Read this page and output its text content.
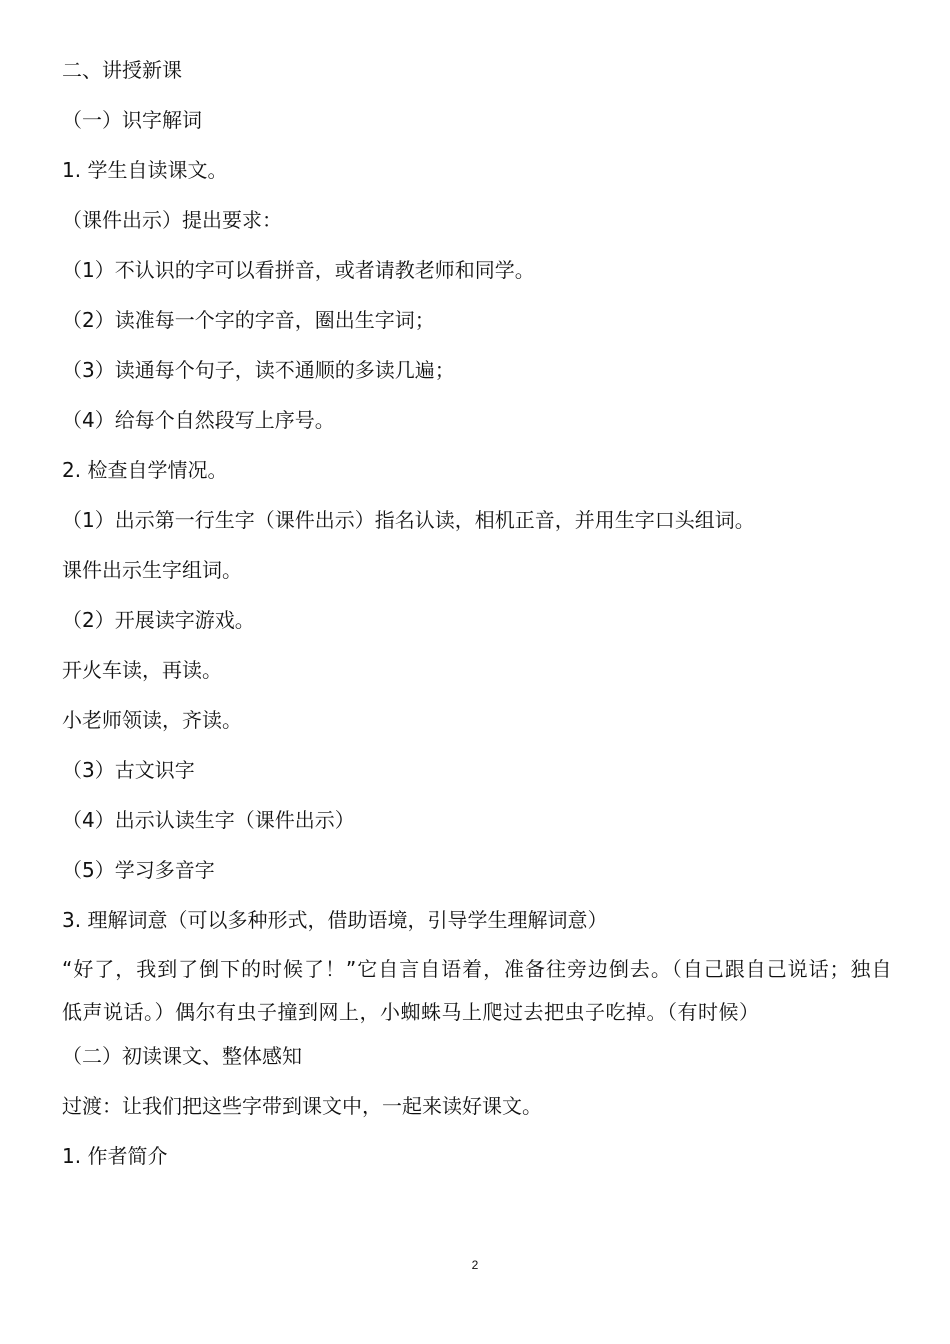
二、讲授新课
（一）识字解词
1. 学生自读课文。
（课件出示）提出要求：
（1）不认识的字可以看拼音，或者请教老师和同学。
（2）读准每一个字的字音，圈出生字词；
（3）读通每个句子，读不通顺的多读几遍；
（4）给每个自然段写上序号。
2. 检查自学情况。
（1）出示第一行生字（课件出示）指名认读，相机正音，并用生字口头组词。
课件出示生字组词。
（2）开展读字游戏。
开火车读，再读。
小老师领读，齐读。
（3）古文识字
（4）出示认读生字（课件出示）
（5）学习多音字
3. 理解词意（可以多种形式，借助语境，引导学生理解词意）
“好了，我到了倒下的时候了！”它自言自语着，准备往旁边倒去。（自己跟自己说话；独自低声说话。）偶尔有虫子撞到网上，小蜘蛛马上爬过去把虫子吃掉。（有时候）
（二）初读课文、整体感知
过渡：让我们把这些字带到课文中，一起来读好课文。
1. 作者简介
2
